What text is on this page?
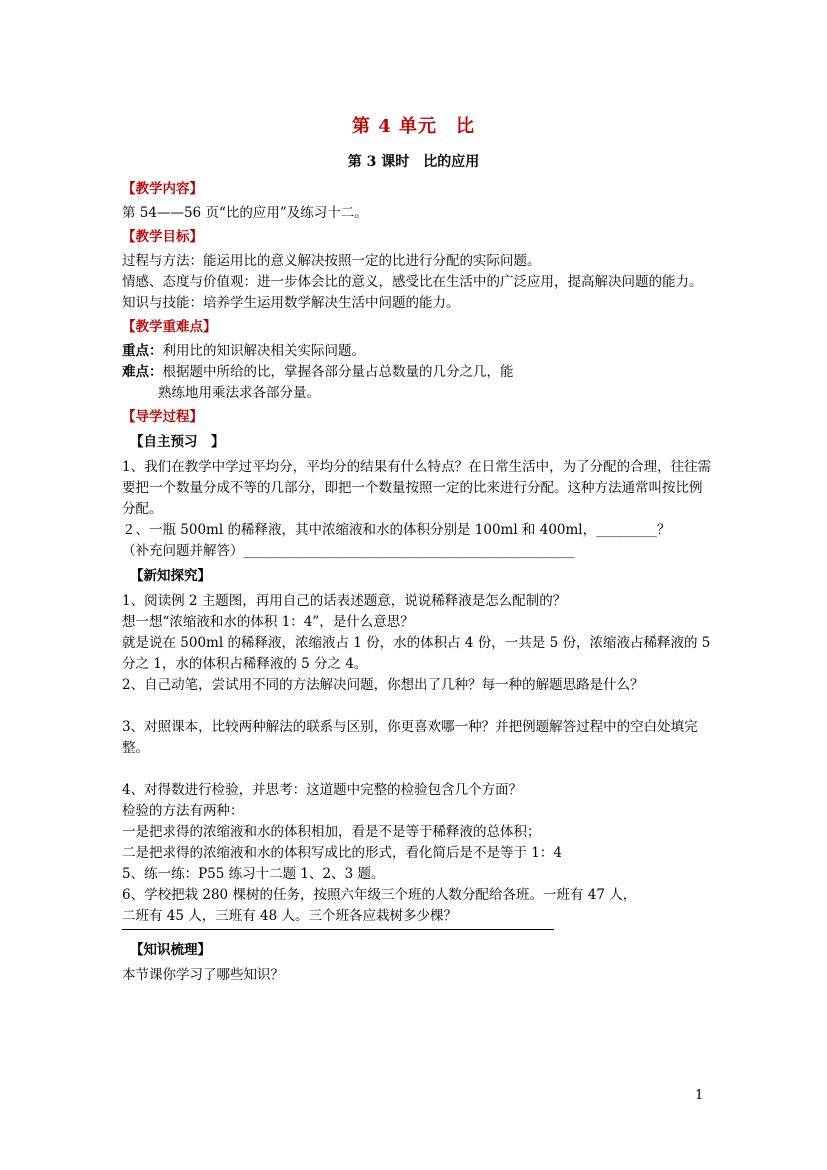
第 4 单元　比
第 3 课时　比的应用

【教学内容】

第 54——56 页“比的应用”及练习十二。

【教学目标】

过程与方法：能运用比的意义解决按照一定的比进行分配的实际问题。

情感、态度与价值观：进一步体会比的意义，感受比在生活中的广泛应用，提高解决问题的能力。

知识与技能：培养学生运用数学解决生活中问题的能力。

【教学重难点】

重点：利用比的知识解决相关实际问题。

难点：根据题中所给的比，掌握各部分量占总数量的几分之几，能

熟练地用乘法求各部分量。

【导学过程】

【自主预习　】

1、我们在教学中学过平均分，平均分的结果有什么特点？在日常生活中，为了分配的合理，往往需要把一个数量分成不等的几部分，即把一个数量按照一定的比来进行分配。这种方法通常叫按比例分配。

２、一瓶 500ml 的稀释液，其中浓缩液和水的体积分别是 100ml 和 400ml，_________？

（补充问题并解答）_________________________________________________

【新知探究】

1、阅读例 2 主题图，再用自己的话表述题意，说说稀释液是怎么配制的？

想一想“浓缩液和水的体积 1：4”，是什么意思？

就是说在 500ml 的稀释液，浓缩液占 1 份，水的体积占 4 份，一共是 5 份，浓缩液占稀释液的 5 分之 1，水的体积占稀释液的 5 分之 4。

2、自己动笔，尝试用不同的方法解决问题，你想出了几种？每一种的解题思路是什么？

3、对照课本，比较两种解法的联系与区别，你更喜欢哪一种？并把例题解答过程中的空白处填完整。

4、对得数进行检验，并思考：这道题中完整的检验包含几个方面？

检验的方法有两种：

一是把求得的浓缩液和水的体积相加，看是不是等于稀释液的总体积；

二是把求得的浓缩液和水的体积写成比的形式，看化简后是不是等于 1：4

5、练一练：P55 练习十二题 1、2、3 题。

6、学校把栽 280 棵树的任务，按照六年级三个班的人数分配给各班。一班有 47 人，

二班有 45 人，三班有 48 人。三个班各应栽树多少棵？

【知识梳理】

本节课你学习了哪些知识？

1
